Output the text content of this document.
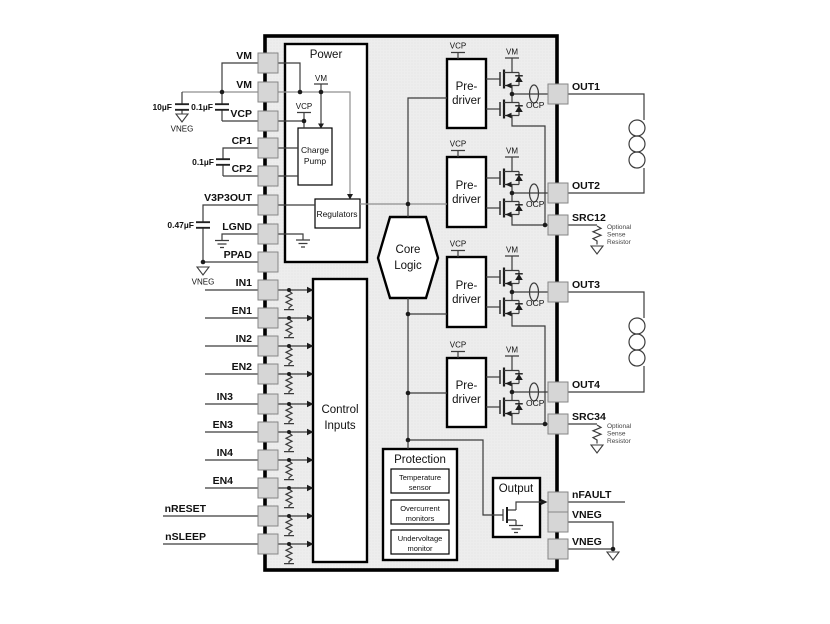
VM
VM
VCP
CP1
CP2
V3P3OUT
LGND
PPAD
IN1
EN1
IN2
EN2
IN3
EN3
IN4
EN4
nRESET
nSLEEP
OUT1
OUT2
SRC12
OUT3
OUT4
SRC34
nFAULT
VNEG
VNEG
10µF 0.1µF
0.1µF
0.47µF
VNEG
VNEG
Power
Charge
Pump
Regulators
Core
Logic
Control
Inputs
Pre-
driver
Pre-
driver
Pre-
driver
Pre-
driver
Protection
Temperature
sensor
Overcurrent
monitors
Undervoltage
monitor
Output
VM
VCP
VCP
VCP
VCP
VCP
VM
VM
VM
VM
OCP
OCP
OCP
OCP
Optional
Sense
Resistor
Optional
Sense
Resistor
